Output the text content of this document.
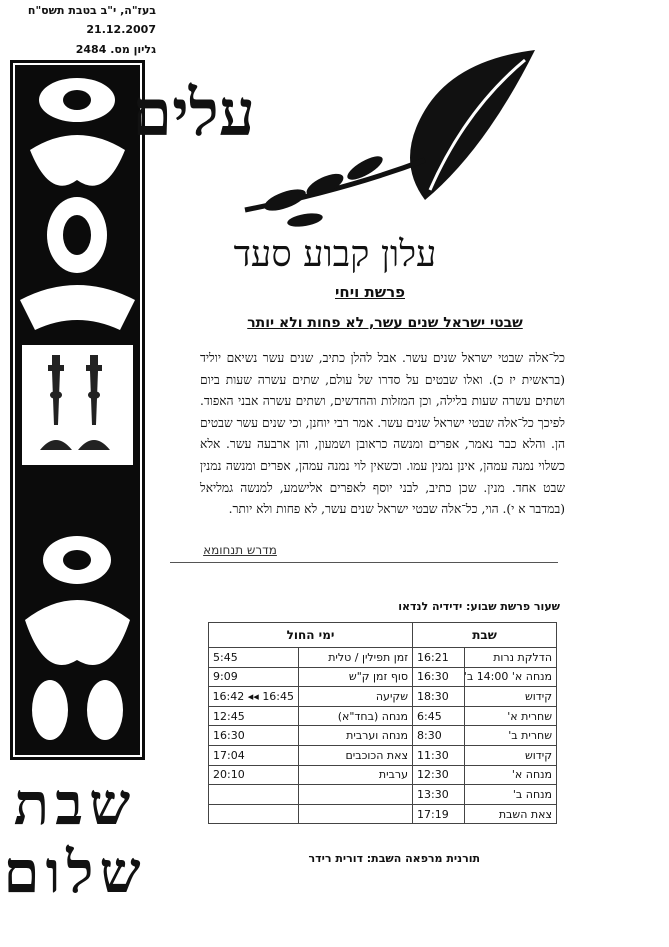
בעז"ה, י"ב בטבת תשס"ח
21.12.2007
גליון מס. 2484
שבת
שלום
עלים
עלון קבוע סעד
פרשת ויחי
שבטי ישראל שנים עשר, לא פחות ולא יותר
כל־אלה שבטי ישראל שנים עשר. אבל להלן כתיב, שנים עשר נשיאם יוליד (בראשית יז כ). ואלו שבטים על סדרו של עולם, שתים עשרה שעות ביום ושתים עשרה שעות בלילה, וכן המזלות והחדשים, ושתים עשרה אבני האפוד. לפיכך כל־אלה שבטי ישראל שנים עשר. אמר רבי יוחנן, וכי שנים עשר שבטים הן. והלא כבר נאמר, אפרים ומנשה כראובן ושמעון, והן ארבעה עשר. אלא כשלוי נמנה עמהן, אינן נמנין עמו. וכשאין לוי נמנה עמהן, אפרים ומנשה נמנין שבט אחד. מנין. שכן כתיב, לבני יוסף לאפרים אלישמע, למנשה גמליאל (במדבר א י). הוי, כל־אלה שבטי ישראל שנים עשר, לא פחות ולא יותר.
מדרש תנחומא
שעור פרשת שבוע: ידידיה לנדאו
שבת		ימי החול	
הדלקת נרות	16:21	זמן תפילין / טלית	5:45
מנחה א' 14:00 ב'	16:30	סוף זמן ק"ש	9:09
קידוש	18:30	שקיעה	16:45 ◂◂ 16:42
שחרית א'	6:45	מנחה (בחד"א)	12:45
שחרית ב'	8:30	מנחה וערבית	16:30
קידוש	11:30	צאת הכוכבים	17:04
מנחה א'	12:30	ערבית	20:10
מנחה ב'	13:30		
צאת השבת	17:19		
תורנית מרפאה השבת: דורית רידר
